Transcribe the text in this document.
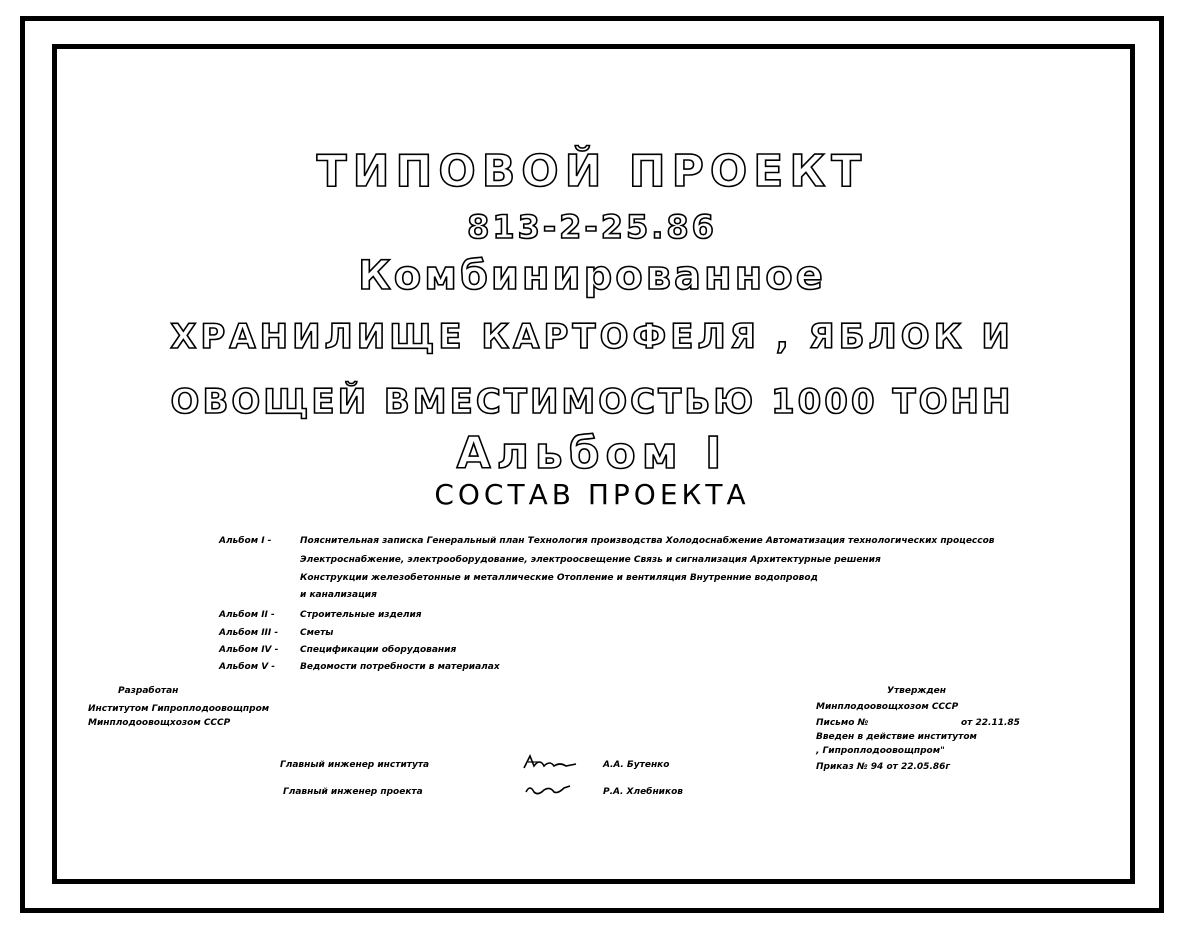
ТИПОВОЙ ПРОЕКТ
813-2-25.86
Комбинированное
ХРАНИЛИЩЕ КАРТОФЕЛЯ , ЯБЛОК И
ОВОЩЕЙ ВМЕСТИМОСТЬЮ 1000 ТОНН
Альбом I
СОСТАВ ПРОЕКТА
Альбом I -	Пояснительная записка Генеральный план Технология производства Холодоснабжение Автоматизация технологических процессов
Электроснабжение, электрооборудование, электроосвещение Связь и сигнализация Архитектурные решения
Конструкции железобетонные и металлические Отопление и вентиляция Внутренние водопровод
и канализация
Альбом II -	Строительные изделия
Альбом III - Сметы
Альбом IV - Спецификации оборудования
Альбом V -	Ведомости потребности в материалах
Разработан
Институтом Гипроплодоовощпром
Минплодоовощхозом СССР
Главный инженер института	А.А. Бутенко
Главный инженер проекта	Р.А. Хлебников
Утвержден
Минплодоовощхозом СССР
Письмо №	от 22.11.85
Введен в действие институтом
, Гипроплодоовощпром"
Приказ № 94 от 22.05.86г
